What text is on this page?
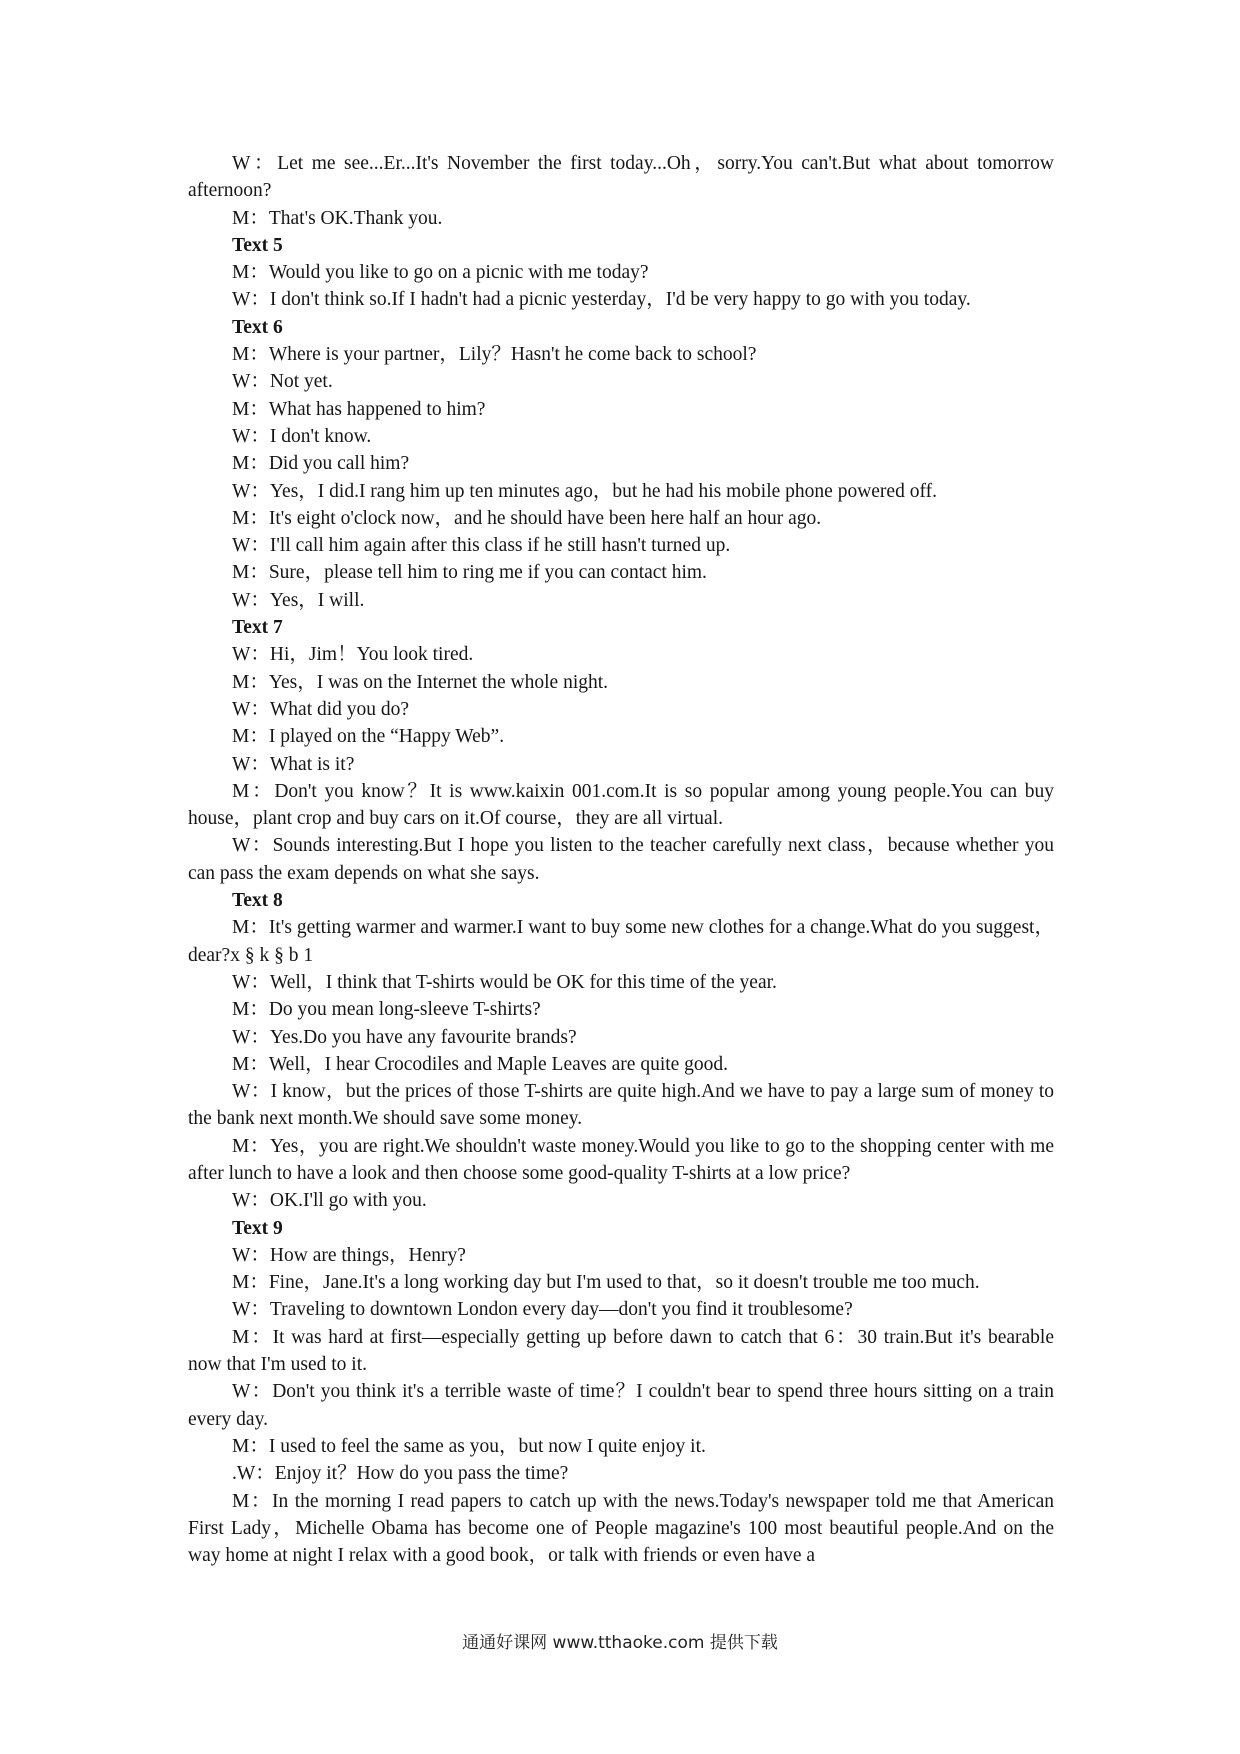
W：Let me see...Er...It's November the first today...Oh，sorry.You can't.But what about tomorrow afternoon?

M：That's OK.Thank you.

Text 5

M：Would you like to go on a picnic with me today?

W：I don't think so.If I hadn't had a picnic yesterday，I'd be very happy to go with you today.

Text 6

M：Where is your partner，Lily？Hasn't he come back to school?

W：Not yet.

M：What has happened to him?

W：I don't know.

M：Did you call him?

W：Yes，I did.I rang him up ten minutes ago，but he had his mobile phone powered off.

M：It's eight o'clock now，and he should have been here half an hour ago.

W：I'll call him again after this class if he still hasn't turned up.

M：Sure，please tell him to ring me if you can contact him.

W：Yes，I will.

Text 7

W：Hi，Jim！You look tired.

M：Yes，I was on the Internet the whole night.

W：What did you do?

M：I played on the “Happy Web”.

W：What is it?

M：Don't you know？It is www.kaixin 001.com.It is so popular among young people.You can buy house，plant crop and buy cars on it.Of course，they are all virtual.

W：Sounds interesting.But I hope you listen to the teacher carefully next class，because whether you can pass the exam depends on what she says.

Text 8

M：It's getting warmer and warmer.I want to buy some new clothes for a change.What do you suggest，dear?x § k § b 1

W：Well，I think that T-shirts would be OK for this time of the year.

M：Do you mean long-sleeve T-shirts?

W：Yes.Do you have any favourite brands?

M：Well，I hear Crocodiles and Maple Leaves are quite good.

W：I know，but the prices of those T-shirts are quite high.And we have to pay a large sum of money to the bank next month.We should save some money.

M：Yes，you are right.We shouldn't waste money.Would you like to go to the shopping center with me after lunch to have a look and then choose some good-quality T-shirts at a low price?

W：OK.I'll go with you.

Text 9

W：How are things，Henry?

M：Fine，Jane.It's a long working day but I'm used to that，so it doesn't trouble me too much.

W：Traveling to downtown London every day—don't you find it troublesome?

M：It was hard at first—especially getting up before dawn to catch that 6：30 train.But it's bearable now that I'm used to it.

W：Don't you think it's a terrible waste of time？I couldn't bear to spend three hours sitting on a train every day.

M：I used to feel the same as you，but now I quite enjoy it.

.W：Enjoy it？How do you pass the time?

M：In the morning I read papers to catch up with the news.Today's newspaper told me that American First Lady，Michelle Obama has become one of People magazine's 100 most beautiful people.And on the way home at night I relax with a good book，or talk with friends or even have a

通通好课网 www.tthaoke.com 提供下载
